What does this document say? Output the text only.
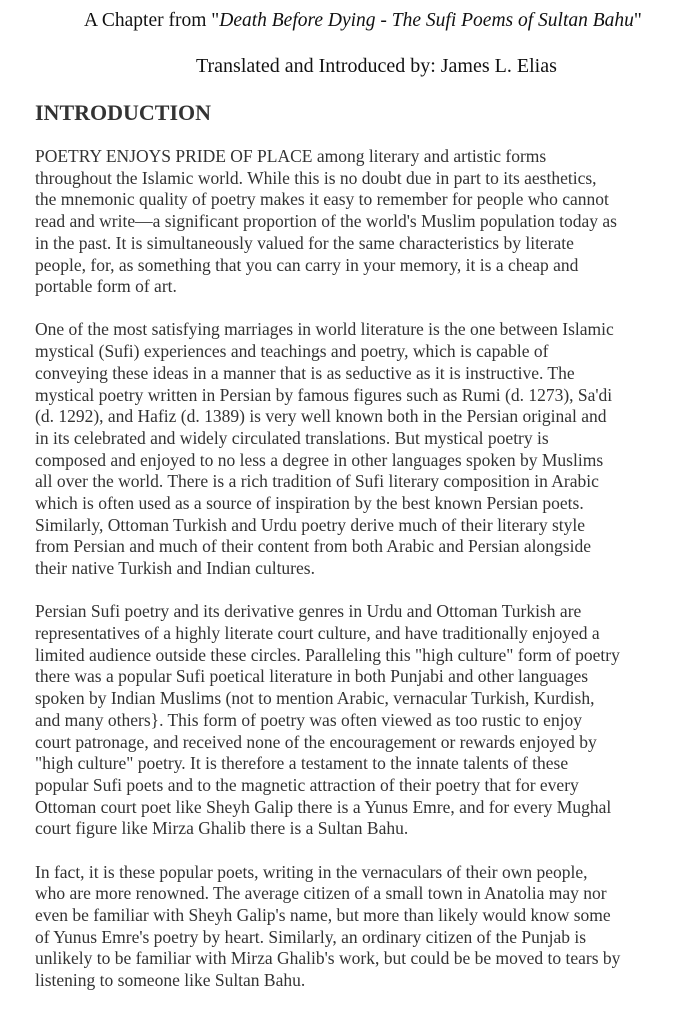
A Chapter from "Death Before Dying - The Sufi Poems of Sultan Bahu"
Translated and Introduced by: James L. Elias
INTRODUCTION

POETRY ENJOYS PRIDE OF PLACE among literary and artistic forms
throughout the Islamic world. While this is no doubt due in part to its aesthetics,
the mnemonic quality of poetry makes it easy to remember for people who cannot
read and write—a significant proportion of the world's Muslim population today as
in the past. It is simultaneously valued for the same characteristics by literate
people, for, as something that you can carry in your memory, it is a cheap and
portable form of art.

One of the most satisfying marriages in world literature is the one between Islamic
mystical (Sufi) experiences and teachings and poetry, which is capable of
conveying these ideas in a manner that is as seductive as it is instructive. The
mystical poetry written in Persian by famous figures such as Rumi (d. 1273), Sa'di
(d. 1292), and Hafiz (d. 1389) is very well known both in the Persian original and
in its celebrated and widely circulated translations. But mystical poetry is
composed and enjoyed to no less a degree in other languages spoken by Muslims
all over the world. There is a rich tradition of Sufi literary composition in Arabic
which is often used as a source of inspiration by the best known Persian poets.
Similarly, Ottoman Turkish and Urdu poetry derive much of their literary style
from Persian and much of their content from both Arabic and Persian alongside
their native Turkish and Indian cultures.

Persian Sufi poetry and its derivative genres in Urdu and Ottoman Turkish are
representatives of a highly literate court culture, and have traditionally enjoyed a
limited audience outside these circles. Paralleling this "high culture" form of poetry
there was a popular Sufi poetical literature in both Punjabi and other languages
spoken by Indian Muslims (not to mention Arabic, vernacular Turkish, Kurdish,
and many others}. This form of poetry was often viewed as too rustic to enjoy
court patronage, and received none of the encouragement or rewards enjoyed by
"high culture" poetry. It is therefore a testament to the innate talents of these
popular Sufi poets and to the magnetic attraction of their poetry that for every
Ottoman court poet like Sheyh Galip there is a Yunus Emre, and for every Mughal
court figure like Mirza Ghalib there is a Sultan Bahu.

In fact, it is these popular poets, writing in the vernaculars of their own people,
who are more renowned. The average citizen of a small town in Anatolia may nor
even be familiar with Sheyh Galip's name, but more than likely would know some
of Yunus Emre's poetry by heart. Similarly, an ordinary citizen of the Punjab is
unlikely to be familiar with Mirza Ghalib's work, but could be be moved to tears by
listening to someone like Sultan Bahu.
